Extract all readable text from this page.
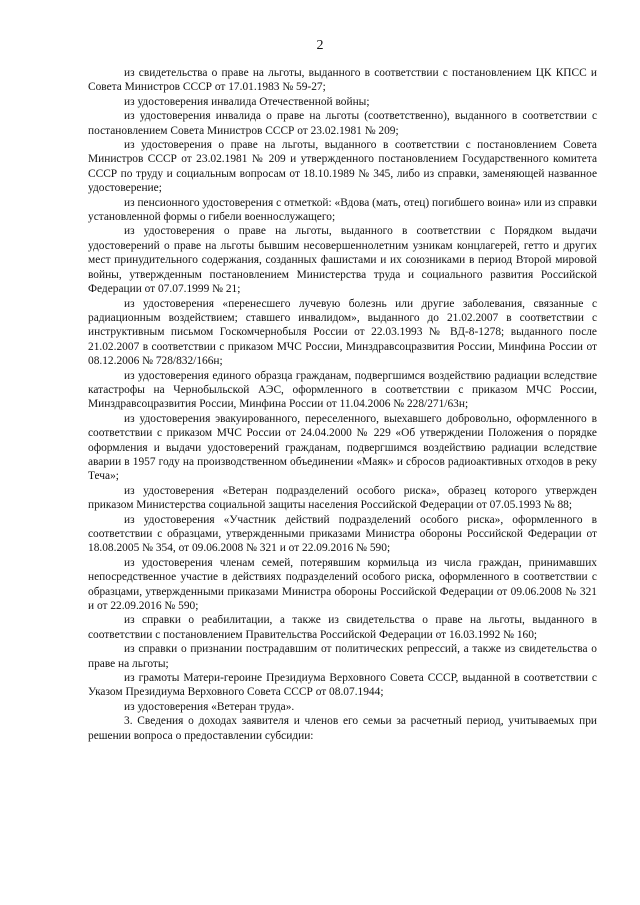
2

из свидетельства о праве на льготы, выданного в соответствии с постановлением ЦК КПСС и Совета Министров СССР от 17.01.1983 № 59-27;

из удостоверения инвалида Отечественной войны;

из удостоверения инвалида о праве на льготы (соответственно), выданного в соответствии с постановлением Совета Министров СССР от 23.02.1981 № 209;

из удостоверения о праве на льготы, выданного в соответствии с постановлением Совета Министров СССР от 23.02.1981 № 209 и утвержденного постановлением Государственного комитета СССР по труду и социальным вопросам от 18.10.1989 № 345, либо из справки, заменяющей названное удостоверение;

из пенсионного удостоверения с отметкой: «Вдова (мать, отец) погибшего воина» или из справки установленной формы о гибели военнослужащего;

из удостоверения о праве на льготы, выданного в соответствии с Порядком выдачи удостоверений о праве на льготы бывшим несовершеннолетним узникам концлагерей, гетто и других мест принудительного содержания, созданных фашистами и их союзниками в период Второй мировой войны, утвержденным постановлением Министерства труда и социального развития Российской Федерации от 07.07.1999 № 21;

из удостоверения «перенесшего лучевую болезнь или другие заболевания, связанные с радиационным воздействием; ставшего инвалидом», выданного до 21.02.2007 в соответствии с инструктивным письмом Госкомчернобыля России от 22.03.1993 № ВД-8-1278; выданного после 21.02.2007 в соответствии с приказом МЧС России, Минздравсоцразвития России, Минфина России от 08.12.2006 № 728/832/166н;

из удостоверения единого образца гражданам, подвергшимся воздействию радиации вследствие катастрофы на Чернобыльской АЭС, оформленного в соответствии с приказом МЧС России, Минздравсоцразвития России, Минфина России от 11.04.2006 № 228/271/63н;

из удостоверения эвакуированного, переселенного, выехавшего добровольно, оформленного в соответствии с приказом МЧС России от 24.04.2000 № 229 «Об утверждении Положения о порядке оформления и выдачи удостоверений гражданам, подвергшимся воздействию радиации вследствие аварии в 1957 году на производственном объединении «Маяк» и сбросов радиоактивных отходов в реку Теча»;

из удостоверения «Ветеран подразделений особого риска», образец которого утвержден приказом Министерства социальной защиты населения Российской Федерации от 07.05.1993 № 88;

из удостоверения «Участник действий подразделений особого риска», оформленного в соответствии с образцами, утвержденными приказами Министра обороны Российской Федерации от 18.08.2005 № 354, от 09.06.2008 № 321 и от 22.09.2016 № 590;

из удостоверения членам семей, потерявшим кормильца из числа граждан, принимавших непосредственное участие в действиях подразделений особого риска, оформленного в соответствии с образцами, утвержденными приказами Министра обороны Российской Федерации от 09.06.2008 № 321 и от 22.09.2016 № 590;

из справки о реабилитации, а также из свидетельства о праве на льготы, выданного в соответствии с постановлением Правительства Российской Федерации от 16.03.1992 № 160;

из справки о признании пострадавшим от политических репрессий, а также из свидетельства о праве на льготы;

из грамоты Матери-героине Президиума Верховного Совета СССР, выданной в соответствии с Указом Президиума Верховного Совета СССР от 08.07.1944;

из удостоверения «Ветеран труда».

3. Сведения о доходах заявителя и членов его семьи за расчетный период, учитываемых при решении вопроса о предоставлении субсидии:
